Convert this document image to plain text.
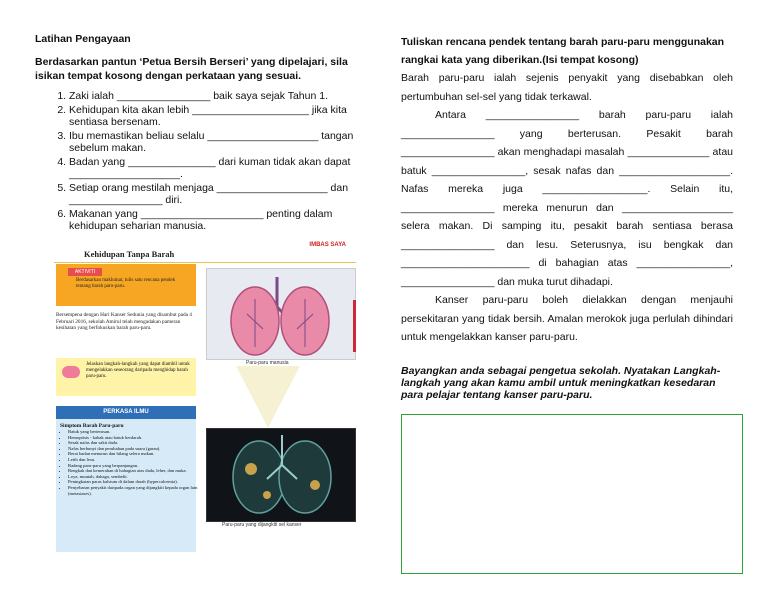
Latihan Pengayaan

Berdasarkan pantun ‘Petua Bersih Berseri’ yang dipelajari, sila isikan tempat kosong dengan perkataan yang sesuai.

1. Zaki ialah ________________ baik saya sejak Tahun 1.
2. Kehidupan kita akan lebih ____________________ jika kita sentiasa bersenam.
3. Ibu memastikan beliau selalu ___________________ tangan sebelum makan.
4. Badan yang _______________ dari kuman tidak akan dapat ___________________.
5. Setiap orang mestilah menjaga ___________________ dan ________________ diri.
6. Makanan yang _____________________ penting dalam kehidupan seharian manusia.
Kehidupan Tanpa Barah
IMBAS SAYA
AKTIVITI
Berdasarkan maklumat, tulis satu rencana pendek tentang barah paru-paru.
Bersempena dengan Hari Kanser Sedunia yang disambut pada 4 Februari 2016, sekolah Amirul telah mengadakan pameran kesihatan yang berfokuskan barah paru-paru.
Jelaskan langkah-langkah yang dapat diambil untuk mengelakkan seseorang daripada menghidap barah paru-paru.
PERKASA ILMU
Simptom Barah Paru-paru
• Batuk yang berterusan.
• Hemoptisis - kahak atau batuk berdarah.
• Sesak nafas dan sakit dada.
• Nafas berbunyi dan perubahan pada suara (garau).
• Berat badan menurun dan hilang selera makan.
• Letih dan lesu.
• Radang paru-paru yang berpanjangan.
• Bengkak dan kemerahan di bahagian atas dada, leher, dan muka.
• Loya, muntah, dahaga, sembelit.
• Peningkatan paras kalsium di dalam darah (hypercalcemia).
• Penyebaran penyakit daripada organ yang dijangkiti kepada organ lain (metastases).
Paru-paru manusia
Paru-paru yang dijangkiti sel kanser

Tuliskan rencana pendek tentang barah paru-paru menggunakan rangkai kata yang diberikan.(Isi tempat kosong)

Barah paru-paru ialah sejenis penyakit yang disebabkan oleh pertumbuhan sel-sel yang tidak terkawal.

Antara ________________ barah paru-paru ialah ________________ yang berterusan. Pesakit barah ________________ akan menghadapi masalah ______________ atau batuk ________________, sesak nafas dan ___________________. Nafas mereka juga __________________. Selain itu, ________________ mereka menurun dan ___________________ selera makan. Di samping itu, pesakit barah sentiasa berasa ________________ dan lesu. Seterusnya, isu bengkak dan ______________________ di bahagian atas ________________, ________________ dan muka turut dihadapi.

Kanser paru-paru boleh dielakkan dengan menjauhi persekitaran yang tidak bersih. Amalan merokok juga perlulah dihindari untuk mengelakkan kanser paru-paru.

Bayangkan anda sebagai pengetua sekolah. Nyatakan Langkah-langkah yang akan kamu ambil untuk meningkatkan kesedaran para pelajar tentang kanser paru-paru.
